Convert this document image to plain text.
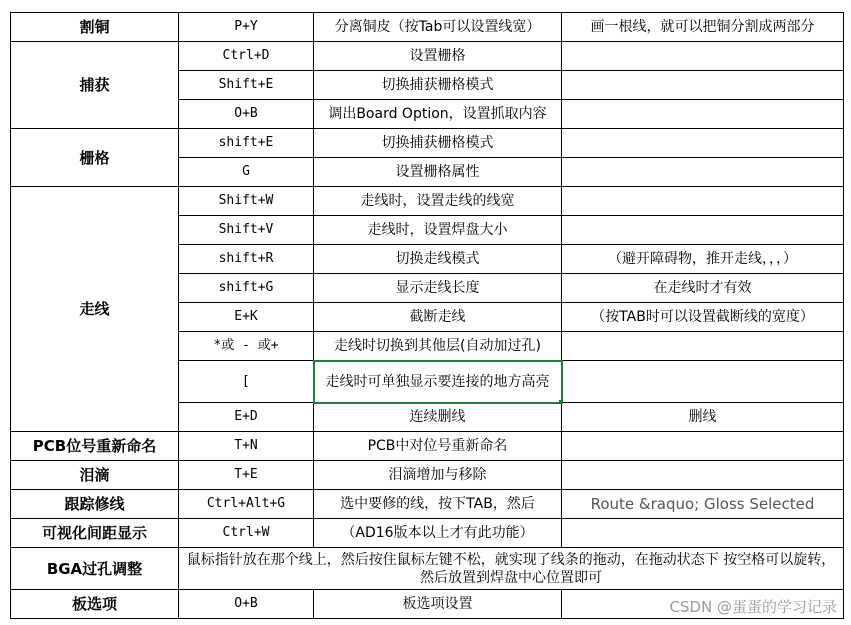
割铜	P+Y	分离铜皮（按Tab可以设置线宽）	画一根线，就可以把铜分割成两部分
捕获	Ctrl+D	设置栅格	
	Shift+E	切换捕获栅格模式	
	O+B	调出Board Option，设置抓取内容	
栅格	shift+E	切换捕获栅格模式	
	G	设置栅格属性	
走线	Shift+W	走线时，设置走线的线宽	
	Shift+V	走线时，设置焊盘大小	
	shift+R	切换走线模式	（避开障碍物，推开走线，，，）
	shift+G	显示走线长度	在走线时才有效
	E+K	截断走线	（按TAB时可以设置截断线的宽度）
	*或 - 或+	走线时切换到其他层(自动加过孔)	
	[	走线时可单独显示要连接的地方高亮

	E+D	连续删线	删线
PCB位号重新命名	T+N	PCB中对位号重新命名	
泪滴	T+E	泪滴增加与移除	
跟踪修线	Ctrl+Alt+G	选中要修的线，按下TAB，然后	Route &raquo; Gloss Selected
可视化间距显示	Ctrl+W	（AD16版本以上才有此功能）	
BGA过孔调整	鼠标指针放在那个线上，然后按住鼠标左键不松，就实现了线条的拖动，在拖动状态下 按空格可以旋转，然后放置到焊盘中心位置即可		
板选项	O+B	板选项设置		CSDN @蛋蛋的学习记录
